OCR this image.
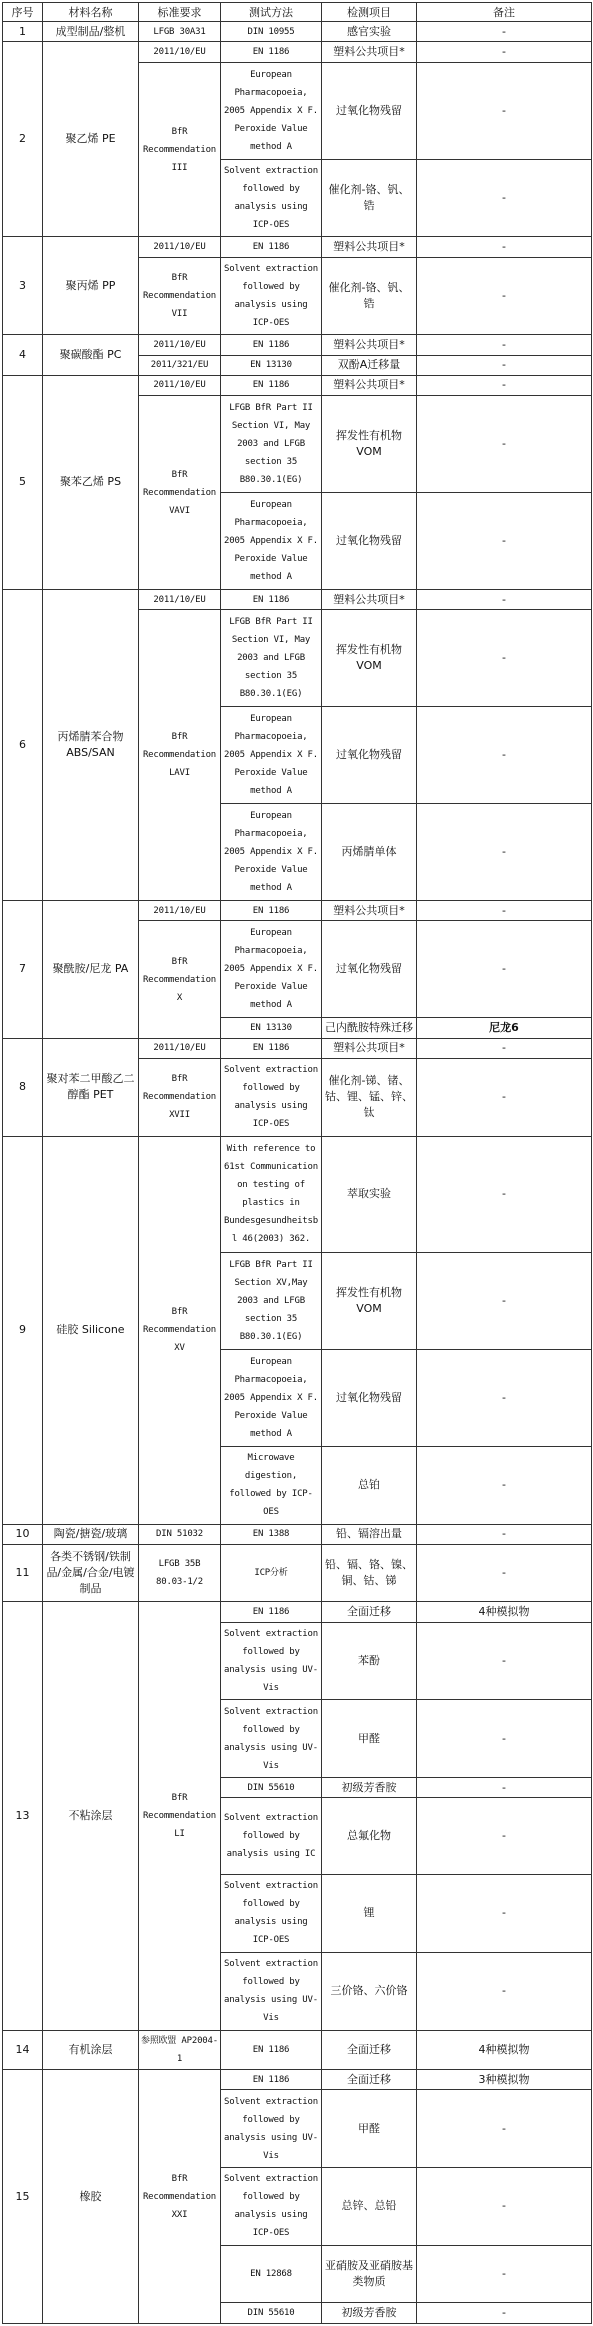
序号	材料名称	标准要求	测试方法	检测项目	备注
1	成型制品/整机	LFGB 30A31	DIN 10955	感官实验	-
2	聚乙烯 PE	2011/10/EU	EN 1186	塑料公共项目*	-
		BfR Recommendation III	European Pharmacopoeia, 2005 Appendix X F. Peroxide Value method A	过氧化物残留	-
			Solvent extraction followed by analysis using ICP-OES	催化剂-铬、钒、锆	-
3	聚丙烯 PP	2011/10/EU	EN 1186	塑料公共项目*	-
		BfR Recommendation VII	Solvent extraction followed by analysis using ICP-OES	催化剂-铬、钒、锆	-
4	聚碳酸酯 PC	2011/10/EU	EN 1186	塑料公共项目*	-
		2011/321/EU	EN 13130	双酚A迁移量	-
5	聚苯乙烯 PS	2011/10/EU	EN 1186	塑料公共项目*	-
		BfR Recommendation VAVI	LFGB BfR Part II Section VI, May 2003 and LFGB section 35 B80.30.1(EG)	挥发性有机物VOM	-
			European Pharmacopoeia, 2005 Appendix X F. Peroxide Value method A	过氧化物残留	-
6	丙烯腈苯合物 ABS/SAN	2011/10/EU	EN 1186	塑料公共项目*	-
		BfR Recommendation LAVI	LFGB BfR Part II Section VI, May 2003 and LFGB section 35 B80.30.1(EG)	挥发性有机物VOM	-
			European Pharmacopoeia, 2005 Appendix X F. Peroxide Value method A	过氧化物残留	-
			European Pharmacopoeia, 2005 Appendix X F. Peroxide Value method A	丙烯腈单体	-
7	聚酰胺/尼龙 PA	2011/10/EU	EN 1186	塑料公共项目*	-
		BfR Recommendation X	European Pharmacopoeia, 2005 Appendix X F. Peroxide Value method A	过氧化物残留	-
			EN 13130	己内酰胺特殊迁移	尼龙6
8	聚对苯二甲酸乙二醇酯 PET	2011/10/EU	EN 1186	塑料公共项目*	-
		BfR Recommendation XVII	Solvent extraction followed by analysis using ICP-OES	催化剂-锑、锗、钴、锂、锰、锌、钛	-
9	硅胶 Silicone	BfR Recommendation XV	With reference to 61st Communication on testing of plastics in Bundesgesundheitsbl 46(2003) 362.	萃取实验	-
			LFGB BfR Part II Section XV,May 2003 and LFGB section 35 B80.30.1(EG)	挥发性有机物VOM	-
			European Pharmacopoeia, 2005 Appendix X F. Peroxide Value method A	过氧化物残留	-
			Microwave digestion, followed by ICP-OES	总铂	-
10	陶瓷/搪瓷/玻璃	DIN 51032	EN 1388	铅、镉溶出量	-
11	各类不锈钢/铁制品/金属/合金/电镀制品	LFGB 35B 80.03-1/2	ICP分析	铅、镉、铬、镍、铜、钴、锑	-
13	不粘涂层	BfR Recommendation LI	EN 1186	全面迁移	4种模拟物
			Solvent extraction followed by analysis using UV-Vis	苯酚	-
			Solvent extraction followed by analysis using UV-Vis	甲醛	-
			DIN 55610	初级芳香胺	-
			Solvent extraction followed by analysis using IC	总氟化物	-
			Solvent extraction followed by analysis using ICP-OES	锂	-
			Solvent extraction followed by analysis using UV-Vis	三价铬、六价铬	-
14	有机涂层	参照欧盟 AP2004-1	EN 1186	全面迁移	4种模拟物
15	橡胶	BfR Recommendation XXI	EN 1186	全面迁移	3种模拟物
			Solvent extraction followed by analysis using UV-Vis	甲醛	-
			Solvent extraction followed by analysis using ICP-OES	总锌、总铅	-
			EN 12868	亚硝胺及亚硝胺基类物质	-
			DIN 55610	初级芳香胺	-
